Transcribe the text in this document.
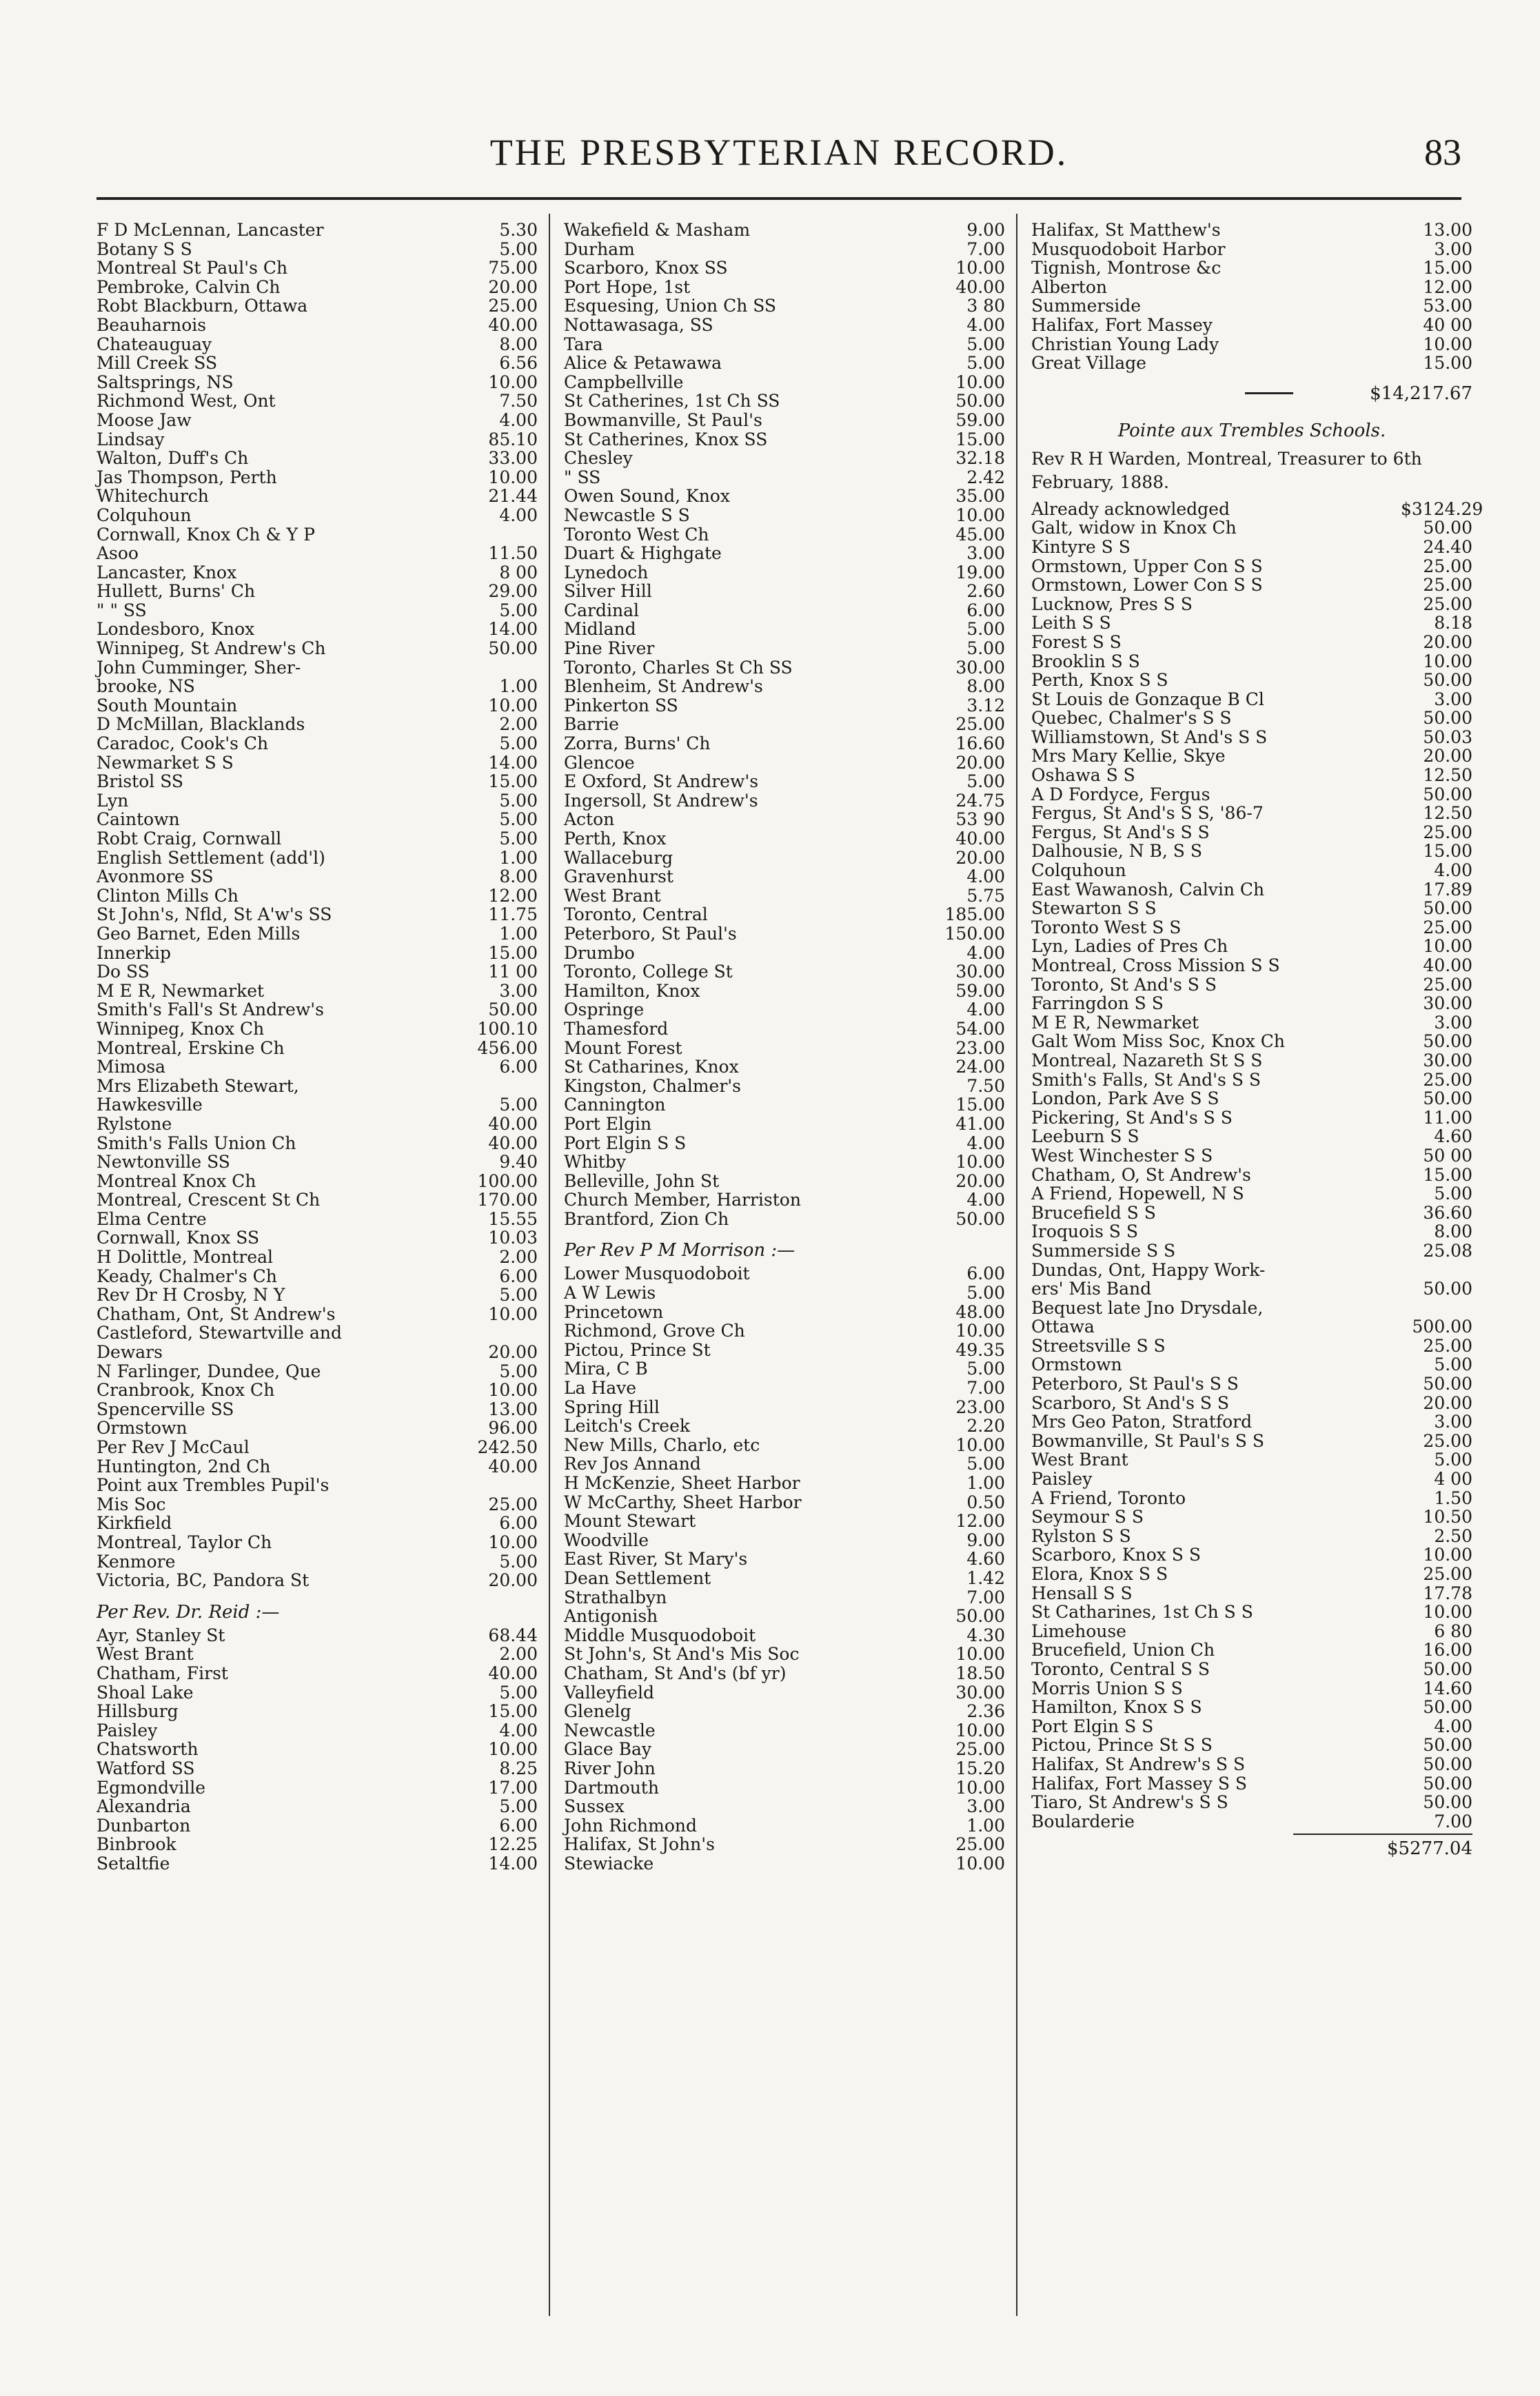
THE PRESBYTERIAN RECORD.	83
F D McLennan, Lancaster	5.30
Botany S S	5.00
Montreal St Paul's Ch	75.00
Pembroke, Calvin Ch	20.00
Robt Blackburn, Ottawa	25.00
Beauharnois	40.00
Chateauguay	8.00
Mill Creek SS	6.56
Saltsprings, NS	10.00
Richmond West, Ont	7.50
Moose Jaw	4.00
Lindsay	85.10
Walton, Duff's Ch	33.00
Jas Thompson, Perth	10.00
Whitechurch	21.44
Colquhoun	4.00
Cornwall, Knox Ch & Y P
Asoo	11.50
Lancaster, Knox	8 00
Hullett, Burns' Ch	29.00
" " SS	5.00
Londesboro, Knox	14.00
Winnipeg, St Andrew's Ch	50.00
John Cumminger, Sher-
brooke, NS	1.00
South Mountain	10.00
D McMillan, Blacklands	2.00
Caradoc, Cook's Ch	5.00
Newmarket S S	14.00
Bristol SS	15.00
Lyn	5.00
Caintown	5.00
Robt Craig, Cornwall	5.00
English Settlement (add'l)	1.00
Avonmore SS	8.00
Clinton Mills Ch	12.00
St John's, Nfld, St A'w's SS	11.75
Geo Barnet, Eden Mills	1.00
Innerkip	15.00
Do SS	11 00
M E R, Newmarket	3.00
Smith's Fall's St Andrew's	50.00
Winnipeg, Knox Ch	100.10
Montreal, Erskine Ch	456.00
Mimosa	6.00
Mrs Elizabeth Stewart,
Hawkesville	5.00
Rylstone	40.00
Smith's Falls Union Ch	40.00
Newtonville SS	9.40
Montreal Knox Ch	100.00
Montreal, Crescent St Ch	170.00
Elma Centre	15.55
Cornwall, Knox SS	10.03
H Dolittle, Montreal	2.00
Keady, Chalmer's Ch	6.00
Rev Dr H Crosby, N Y	5.00
Chatham, Ont, St Andrew's	10.00
Castleford, Stewartville and
Dewars	20.00
N Farlinger, Dundee, Que	5.00
Cranbrook, Knox Ch	10.00
Spencerville SS	13.00
Ormstown	96.00
Per Rev J McCaul	242.50
Huntington, 2nd Ch	40.00
Point aux Trembles Pupil's
Mis Soc	25.00
Kirkfield	6.00
Montreal, Taylor Ch	10.00
Kenmore	5.00
Victoria, BC, Pandora St	20.00
Per Rev. Dr. Reid :—
Ayr, Stanley St	68.44
West Brant	2.00
Chatham, First	40.00
Shoal Lake	5.00
Hillsburg	15.00
Paisley	4.00
Chatsworth	10.00
Watford SS	8.25
Egmondville	17.00
Alexandria	5.00
Dunbarton	6.00
Binbrook	12.25
Setaltfie	14.00
Wakefield & Masham	9.00
Durham	7.00
Scarboro, Knox SS	10.00
Port Hope, 1st	40.00
Esquesing, Union Ch SS	3 80
Nottawasaga, SS	4.00
Tara	5.00
Alice & Petawawa	5.00
Campbellville	10.00
St Catherines, 1st Ch SS	50.00
Bowmanville, St Paul's	59.00
St Catherines, Knox SS	15.00
Chesley	32.18
" SS	2.42
Owen Sound, Knox	35.00
Newcastle S S	10.00
Toronto West Ch	45.00
Duart & Highgate	3.00
Lynedoch	19.00
Silver Hill	2.60
Cardinal	6.00
Midland	5.00
Pine River	5.00
Toronto, Charles St Ch SS	30.00
Blenheim, St Andrew's	8.00
Pinkerton SS	3.12
Barrie	25.00
Zorra, Burns' Ch	16.60
Glencoe	20.00
E Oxford, St Andrew's	5.00
Ingersoll, St Andrew's	24.75
Acton	53 90
Perth, Knox	40.00
Wallaceburg	20.00
Gravenhurst	4.00
West Brant	5.75
Toronto, Central	185.00
Peterboro, St Paul's	150.00
Drumbo	4.00
Toronto, College St	30.00
Hamilton, Knox	59.00
Ospringe	4.00
Thamesford	54.00
Mount Forest	23.00
St Catharines, Knox	24.00
Kingston, Chalmer's	7.50
Cannington	15.00
Port Elgin	41.00
Port Elgin S S	4.00
Whitby	10.00
Belleville, John St	20.00
Church Member, Harriston	4.00
Brantford, Zion Ch	50.00
Per Rev P M Morrison :—
Lower Musquodoboit	6.00
A W Lewis	5.00
Princetown	48.00
Richmond, Grove Ch	10.00
Pictou, Prince St	49.35
Mira, C B	5.00
La Have	7.00
Spring Hill	23.00
Leitch's Creek	2.20
New Mills, Charlo, etc	10.00
Rev Jos Annand	5.00
H McKenzie, Sheet Harbor	1.00
W McCarthy, Sheet Harbor	0.50
Mount Stewart	12.00
Woodville	9.00
East River, St Mary's	4.60
Dean Settlement	1.42
Strathalbyn	7.00
Antigonish	50.00
Middle Musquodoboit	4.30
St John's, St And's Mis Soc	10.00
Chatham, St And's (bf yr)	18.50
Valleyfield	30.00
Glenelg	2.36
Newcastle	10.00
Glace Bay	25.00
River John	15.20
Dartmouth	10.00
Sussex	3.00
John Richmond	1.00
Halifax, St John's	25.00
Stewiacke	10.00
Halifax, St Matthew's	13.00
Musquodoboit Harbor	3.00
Tignish, Montrose &c	15.00
Alberton	12.00
Summerside	53.00
Halifax, Fort Massey	40 00
Christian Young Lady	10.00
Great Village	15.00
$14,217.67
Pointe aux Trembles Schools.
Rev R H Warden, Montreal, Treasurer to 6th February, 1888.
Already acknowledged	$3124.29
Galt, widow in Knox Ch	50.00
Kintyre S S	24.40
Ormstown, Upper Con S S	25.00
Ormstown, Lower Con S S	25.00
Lucknow, Pres S S	25.00
Leith S S	8.18
Forest S S	20.00
Brooklin S S	10.00
Perth, Knox S S	50.00
St Louis de Gonzaque B Cl	3.00
Quebec, Chalmer's S S	50.00
Williamstown, St And's S S	50.03
Mrs Mary Kellie, Skye	20.00
Oshawa S S	12.50
A D Fordyce, Fergus	50.00
Fergus, St And's S S, '86-7	12.50
Fergus, St And's S S	25.00
Dalhousie, N B, S S	15.00
Colquhoun	4.00
East Wawanosh, Calvin Ch	17.89
Stewarton S S	50.00
Toronto West S S	25.00
Lyn, Ladies of Pres Ch	10.00
Montreal, Cross Mission S S	40.00
Toronto, St And's S S	25.00
Farringdon S S	30.00
M E R, Newmarket	3.00
Galt Wom Miss Soc, Knox Ch	50.00
Montreal, Nazareth St S S	30.00
Smith's Falls, St And's S S	25.00
London, Park Ave S S	50.00
Pickering, St And's S S	11.00
Leeburn S S	4.60
West Winchester S S	50 00
Chatham, O, St Andrew's	15.00
A Friend, Hopewell, N S	5.00
Brucefield S S	36.60
Iroquois S S	8.00
Summerside S S	25.08
Dundas, Ont, Happy Work-
ers' Mis Band	50.00
Bequest late Jno Drysdale,
Ottawa	500.00
Streetsville S S	25.00
Ormstown	5.00
Peterboro, St Paul's S S	50.00
Scarboro, St And's S S	20.00
Mrs Geo Paton, Stratford	3.00
Bowmanville, St Paul's S S	25.00
West Brant	5.00
Paisley	4 00
A Friend, Toronto	1.50
Seymour S S	10.50
Rylston S S	2.50
Scarboro, Knox S S	10.00
Elora, Knox S S	25.00
Hensall S S	17.78
St Catharines, 1st Ch S S	10.00
Limehouse	6 80
Brucefield, Union Ch	16.00
Toronto, Central S S	50.00
Morris Union S S	14.60
Hamilton, Knox S S	50.00
Port Elgin S S	4.00
Pictou, Prince St S S	50.00
Halifax, St Andrew's S S	50.00
Halifax, Fort Massey S S	50.00
Tiaro, St Andrew's S S	50.00
Boularderie	7.00
$5277.04
